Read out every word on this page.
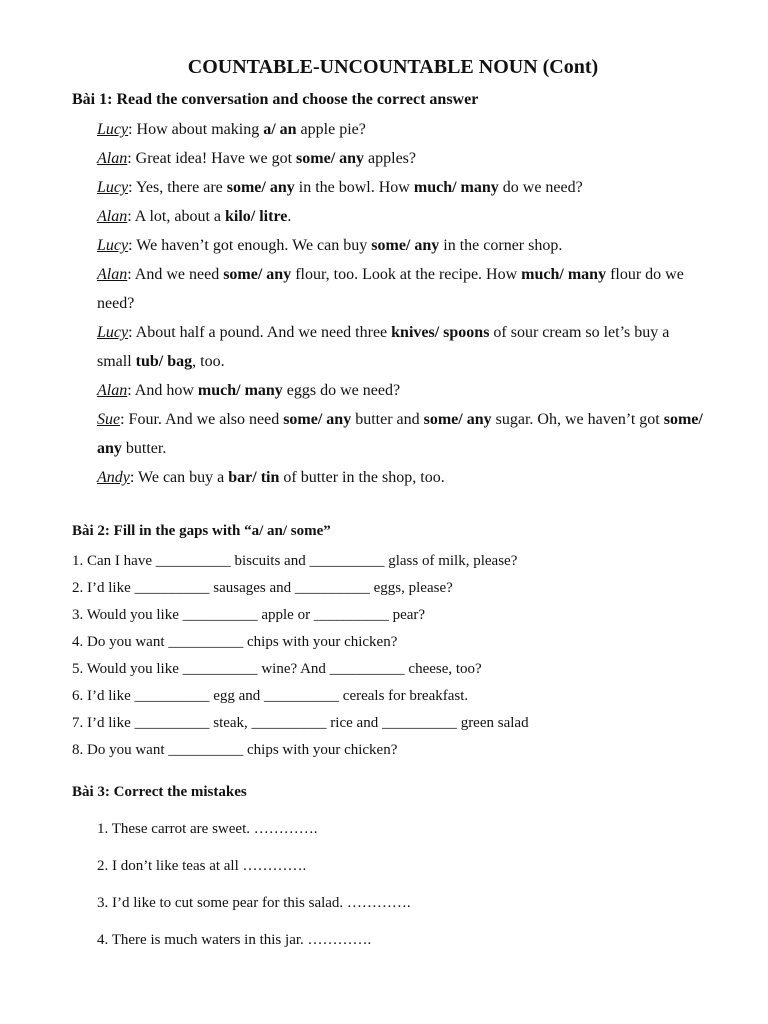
COUNTABLE-UNCOUNTABLE NOUN (Cont)
Bài 1: Read the conversation and choose the correct answer
Lucy: How about making a/ an apple pie?
Alan: Great idea! Have we got some/ any apples?
Lucy: Yes, there are some/ any in the bowl. How much/ many do we need?
Alan: A lot, about a kilo/ litre.
Lucy: We haven’t got enough. We can buy some/ any in the corner shop.
Alan: And we need some/ any flour, too. Look at the recipe. How much/ many flour do we need?
Lucy: About half a pound. And we need three knives/ spoons of sour cream so let’s buy a small tub/ bag, too.
Alan: And how much/ many eggs do we need?
Sue: Four. And we also need some/ any butter and some/ any sugar. Oh, we haven’t got some/ any butter.
Andy: We can buy a bar/ tin of butter in the shop, too.
Bài 2: Fill in the gaps with “a/ an/ some”
1. Can I have __________ biscuits and __________ glass of milk, please?
2. I’d like __________ sausages and __________ eggs, please?
3. Would you like __________ apple or __________ pear?
4. Do you want __________ chips with your chicken?
5. Would you like __________ wine? And __________ cheese, too?
6. I’d like __________ egg and __________ cereals for breakfast.
7. I’d like __________ steak, __________ rice and __________ green salad
8. Do you want __________ chips with your chicken?
Bài 3: Correct the mistakes
1. These carrot are sweet. ………….
2. I don’t like teas at all ………….
3. I’d like to cut some pear for this salad. ………….
4. There is much waters in this jar. ………….
